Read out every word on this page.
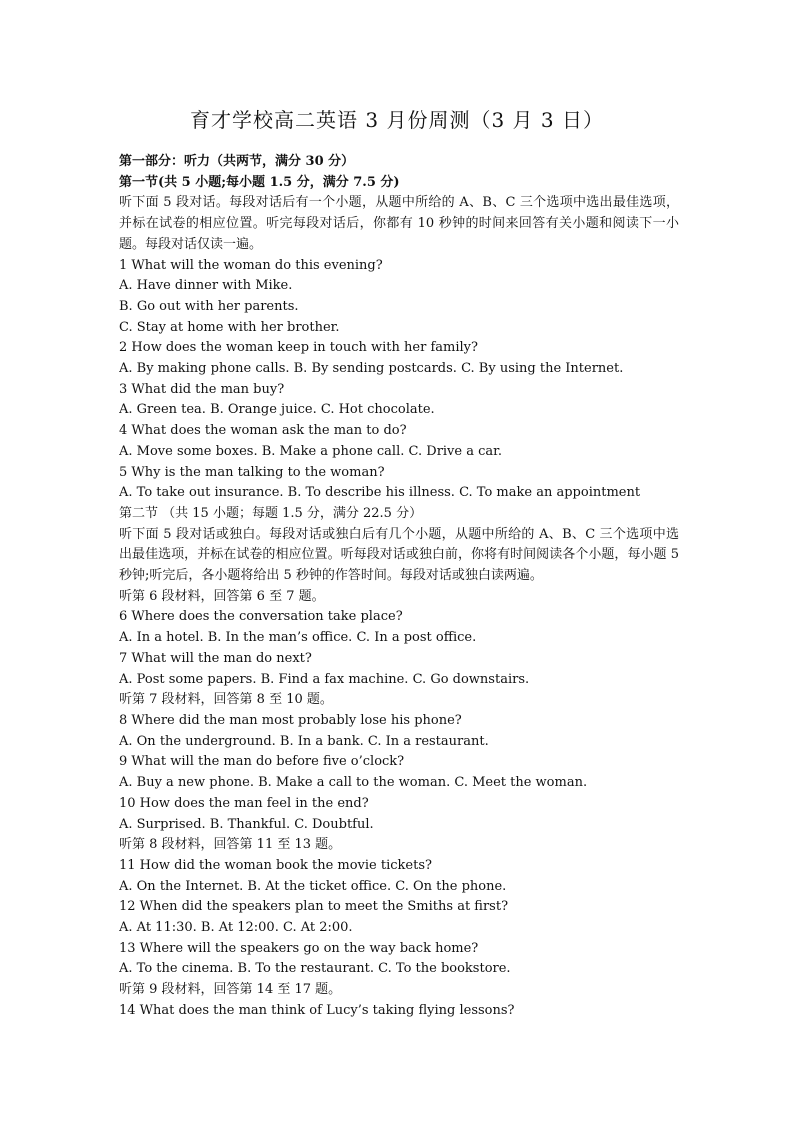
育才学校高二英语 3 月份周测（3 月 3 日）
第一部分：听力（共两节，满分 30 分）
第一节(共 5 小题;每小题 1.5 分，满分 7.5 分)
听下面 5 段对话。每段对话后有一个小题，从题中所给的 A、B、C 三个选项中选出最佳选项，并标在试卷的相应位置。听完每段对话后，你都有 10 秒钟的时间来回答有关小题和阅读下一小题。每段对话仅读一遍。
1 What will the woman do this evening?
A. Have dinner with Mike.
B. Go out with her parents.
C. Stay at home with her brother.
2 How does the woman keep in touch with her family?
A. By making phone calls. B. By sending postcards. C. By using the Internet.
3 What did the man buy?
A. Green tea. B. Orange juice. C. Hot chocolate.
4 What does the woman ask the man to do?
A. Move some boxes. B. Make a phone call. C. Drive a car.
5 Why is the man talking to the woman?
A. To take out insurance. B. To describe his illness. C. To make an appointment
第二节 （共 15 小题；每题 1.5 分，满分 22.5 分）
听下面 5 段对话或独白。每段对话或独白后有几个小题，从题中所给的 A、B、C 三个选项中选出最佳选项，并标在试卷的相应位置。听每段对话或独白前，你将有时间阅读各个小题，每小题 5 秒钟;听完后，各小题将给出 5 秒钟的作答时间。每段对话或独白读两遍。
听第 6 段材料，回答第 6 至 7 题。
6 Where does the conversation take place?
A. In a hotel. B. In the man’s office. C. In a post office.
7 What will the man do next?
A. Post some papers. B. Find a fax machine. C. Go downstairs.
听第 7 段材料，回答第 8 至 10 题。
8 Where did the man most probably lose his phone?
A. On the underground. B. In a bank. C. In a restaurant.
9 What will the man do before five o’clock?
A. Buy a new phone. B. Make a call to the woman. C. Meet the woman.
10 How does the man feel in the end?
A. Surprised. B. Thankful. C. Doubtful.
听第 8 段材料，回答第 11 至 13 题。
11 How did the woman book the movie tickets?
A. On the Internet. B. At the ticket office. C. On the phone.
12 When did the speakers plan to meet the Smiths at first?
A. At 11:30. B. At 12:00. C. At 2:00.
13 Where will the speakers go on the way back home?
A. To the cinema. B. To the restaurant. C. To the bookstore.
听第 9 段材料，回答第 14 至 17 题。
14 What does the man think of Lucy’s taking flying lessons?
